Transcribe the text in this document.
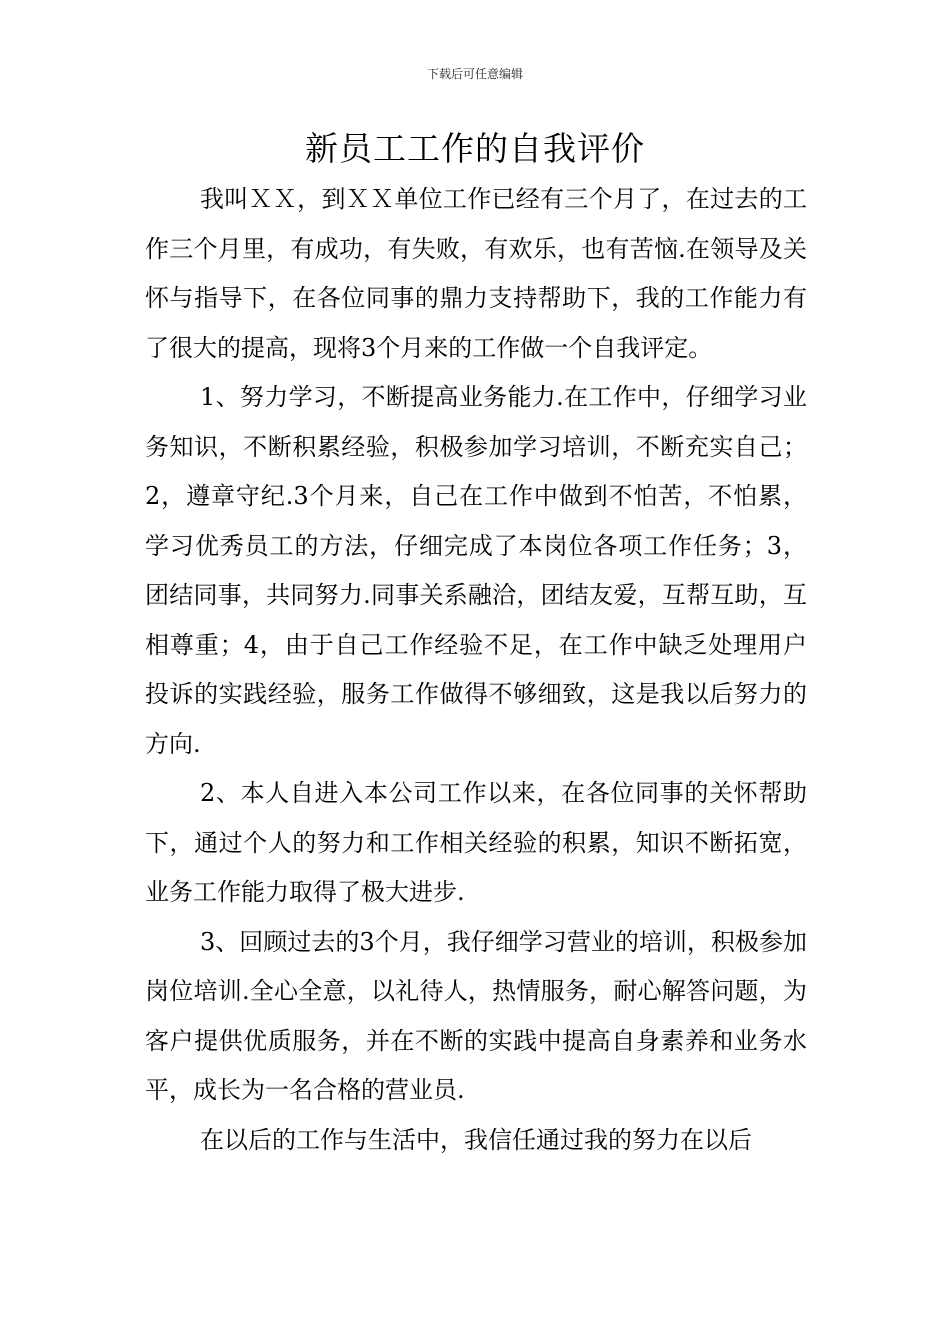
下载后可任意编辑
新员工工作的自我评价

我叫ＸＸ，到ＸＸ单位工作已经有三个月了，在过去的工作三个月里，有成功，有失败，有欢乐，也有苦恼.在领导及关怀与指导下，在各位同事的鼎力支持帮助下，我的工作能力有了很大的提高，现将3个月来的工作做一个自我评定。

1、努力学习，不断提高业务能力.在工作中，仔细学习业务知识，不断积累经验，积极参加学习培训，不断充实自己；2，遵章守纪.3个月来，自己在工作中做到不怕苦，不怕累，学习优秀员工的方法，仔细完成了本岗位各项工作任务；3，团结同事，共同努力.同事关系融洽，团结友爱，互帮互助，互相尊重；4，由于自己工作经验不足，在工作中缺乏处理用户投诉的实践经验，服务工作做得不够细致，这是我以后努力的方向.

2、本人自进入本公司工作以来，在各位同事的关怀帮助下，通过个人的努力和工作相关经验的积累，知识不断拓宽，业务工作能力取得了极大进步.

3、回顾过去的3个月，我仔细学习营业的培训，积极参加岗位培训.全心全意，以礼待人，热情服务，耐心解答问题，为客户提供优质服务，并在不断的实践中提高自身素养和业务水平，成长为一名合格的营业员.

在以后的工作与生活中，我信任通过我的努力在以后
